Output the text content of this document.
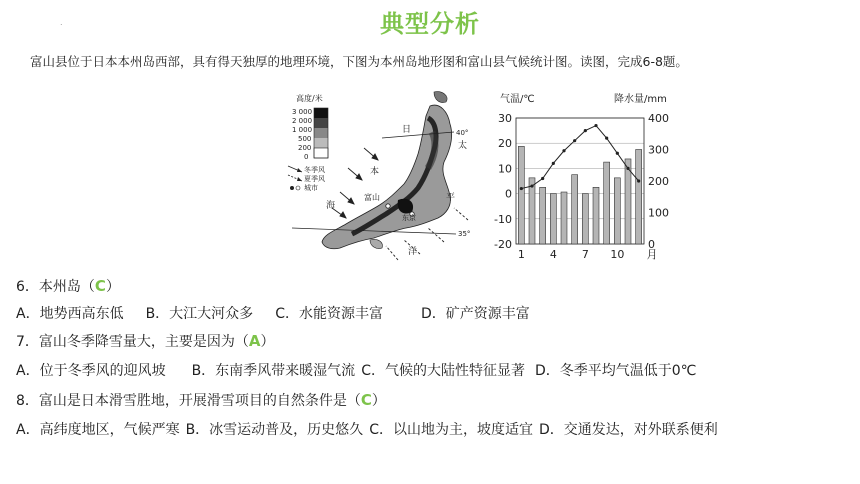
.	典型分析
富山县位于日本本州岛西部，具有得天独厚的地理环境，下图为本州岛地形图和富山县气候统计图。读图，完成6-8题。
高度/米
3 000
2 000
1 000
500
200
0
冬季风
夏季风
城市
40°
35°
日
本
海
太
平
洋
富山
东京
气温/℃	降水量/mm
30
20
10
0
-10
-20
400
300
200
100
0
1 4 7 10 月
6．本州岛（C）
A．地势西高东低 B．大江大河众多 C．水能资源丰富	D．矿产资源丰富
7．富山冬季降雪量大，主要是因为（A）
A．位于冬季风的迎风坡 B．东南季风带来暖湿气流 C．气候的大陆性特征显著 D．冬季平均气温低于0℃
8．富山是日本滑雪胜地，开展滑雪项目的自然条件是（C）
A．高纬度地区，气候严寒 B．冰雪运动普及，历史悠久 C．以山地为主，坡度适宜 D．交通发达，对外联系便利
